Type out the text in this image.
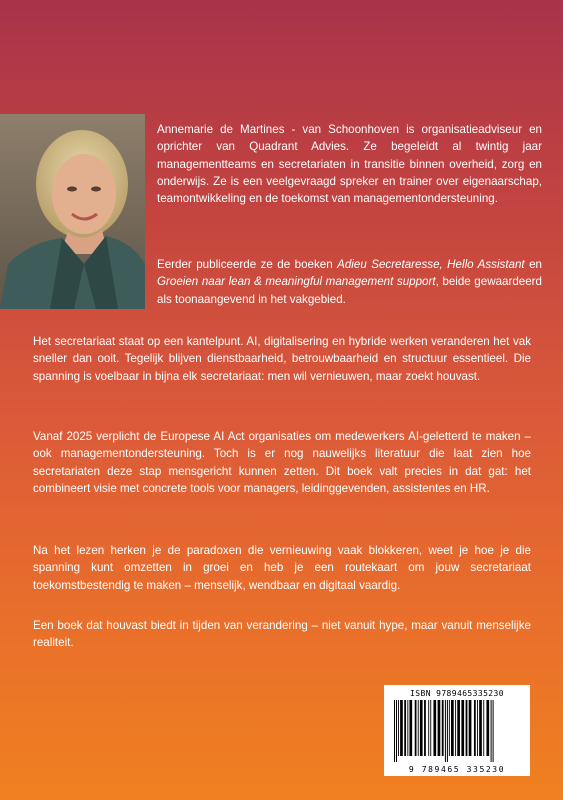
Annemarie de Martines - van Schoonhoven is organisatieadviseur en oprichter van Quadrant Advies. Ze begeleidt al twintig jaar managementteams en secretariaten in transitie binnen overheid, zorg en onderwijs. Ze is een veelgevraagd spreker en trainer over eigenaarschap, teamontwikkeling en de toekomst van managementondersteuning.

Eerder publiceerde ze de boeken Adieu Secretaresse, Hello Assistant en Groeien naar lean & meaningful management support, beide gewaardeerd als toonaangevend in het vakgebied.

Het secretariaat staat op een kantelpunt. AI, digitalisering en hybride werken veranderen het vak sneller dan ooit. Tegelijk blijven dienstbaarheid, betrouwbaarheid en structuur essentieel. Die spanning is voelbaar in bijna elk secretariaat: men wil vernieuwen, maar zoekt houvast.

Vanaf 2025 verplicht de Europese AI Act organisaties om medewerkers AI-geletterd te maken – ook managementondersteuning. Toch is er nog nauwelijks literatuur die laat zien hoe secretariaten deze stap mensgericht kunnen zetten. Dit boek valt precies in dat gat: het combineert visie met concrete tools voor managers, leidinggevenden, assistentes en HR.

Na het lezen herken je de paradoxen die vernieuwing vaak blokkeren, weet je hoe je die spanning kunt omzetten in groei en heb je een routekaart om jouw secretariaat toekomstbestendig te maken – menselijk, wendbaar en digitaal vaardig.

Een boek dat houvast biedt in tijden van verandering – niet vanuit hype, maar vanuit menselijke realiteit.

ISBN 9789465335230
9 789465 335230
